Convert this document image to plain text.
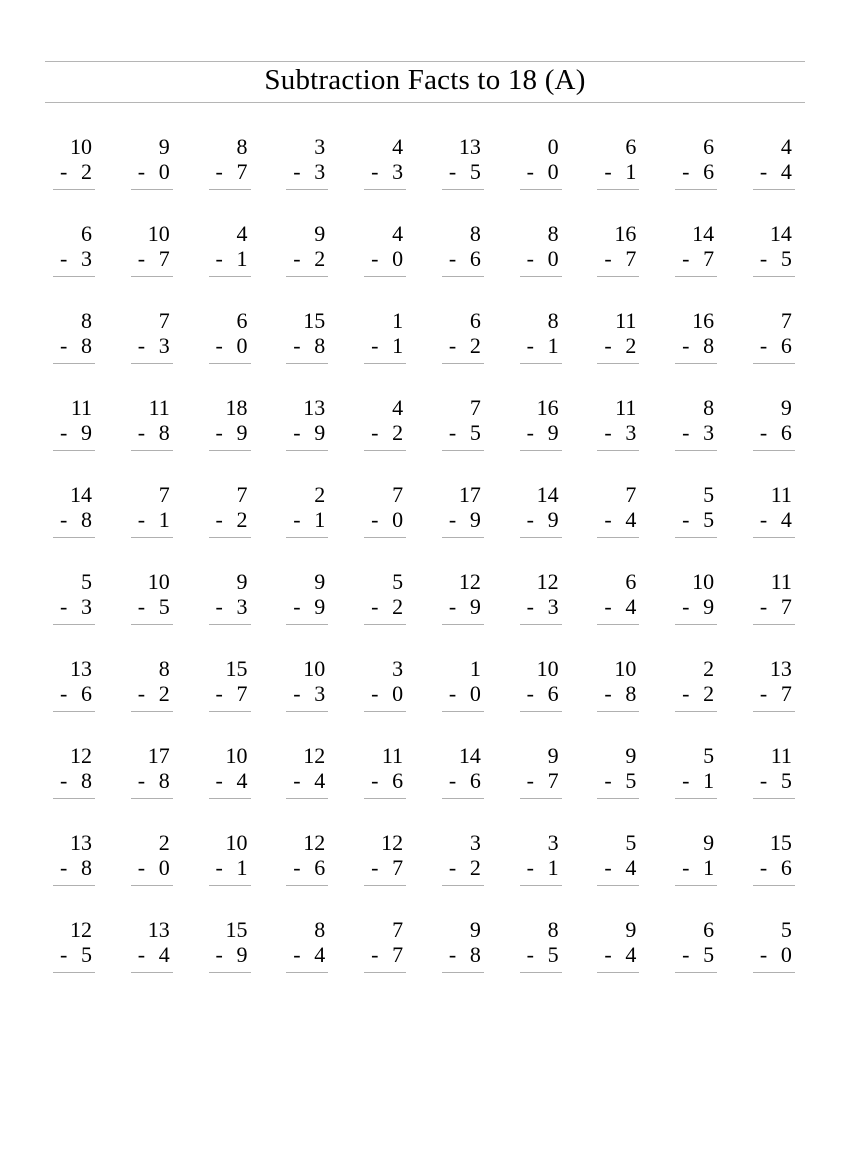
Subtraction Facts to 18 (A)
10
- 2
9
- 0
8
- 7
3
- 3
4
- 3
13
- 5
0
- 0
6
- 1
6
- 6
4
- 4
6
- 3
10
- 7
4
- 1
9
- 2
4
- 0
8
- 6
8
- 0
16
- 7
14
- 7
14
- 5
8
- 8
7
- 3
6
- 0
15
- 8
1
- 1
6
- 2
8
- 1
11
- 2
16
- 8
7
- 6
11
- 9
11
- 8
18
- 9
13
- 9
4
- 2
7
- 5
16
- 9
11
- 3
8
- 3
9
- 6
14
- 8
7
- 1
7
- 2
2
- 1
7
- 0
17
- 9
14
- 9
7
- 4
5
- 5
11
- 4
5
- 3
10
- 5
9
- 3
9
- 9
5
- 2
12
- 9
12
- 3
6
- 4
10
- 9
11
- 7
13
- 6
8
- 2
15
- 7
10
- 3
3
- 0
1
- 0
10
- 6
10
- 8
2
- 2
13
- 7
12
- 8
17
- 8
10
- 4
12
- 4
11
- 6
14
- 6
9
- 7
9
- 5
5
- 1
11
- 5
13
- 8
2
- 0
10
- 1
12
- 6
12
- 7
3
- 2
3
- 1
5
- 4
9
- 1
15
- 6
12
- 5
13
- 4
15
- 9
8
- 4
7
- 7
9
- 8
8
- 5
9
- 4
6
- 5
5
- 0
